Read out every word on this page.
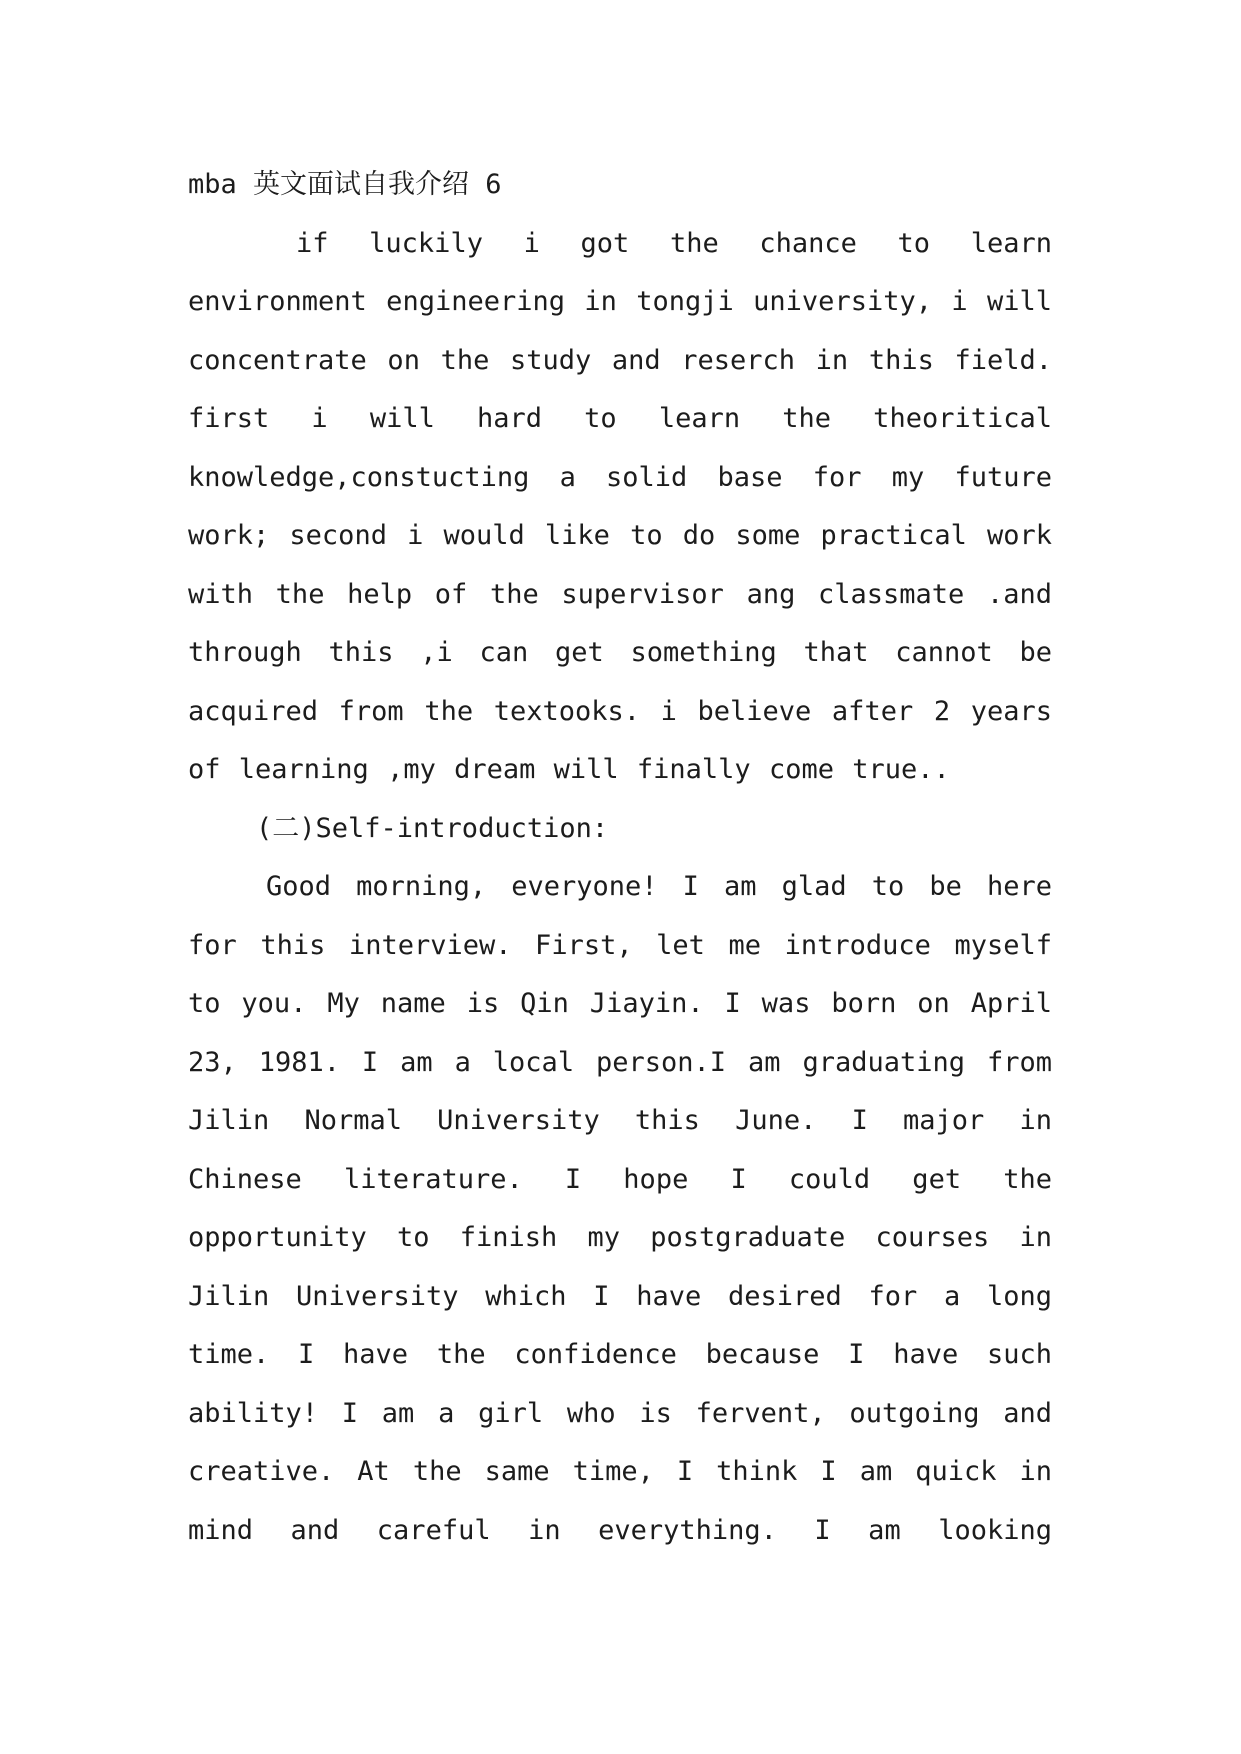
mba 英文面试自我介绍 6

if luckily i got the chance to learn environment engineering in tongji university, i will concentrate on the study and reserch in this field. first i will hard to learn the theoritical knowledge,constucting a solid base for my future work; second i would like to do some practical work with the help of the supervisor ang classmate .and through this ,i can get something that cannot be acquired from the textooks. i believe after 2 years of learning ,my dream will finally come true..

(二)Self-introduction:

Good morning, everyone! I am glad to be here for this interview. First, let me introduce myself to you. My name is Qin Jiayin. I was born on April 23, 1981. I am a local person.I am graduating from Jilin Normal University this June. I major in Chinese literature. I hope I could get the opportunity to finish my postgraduate courses in Jilin University which I have desired for a long time. I have the confidence because I have such ability! I am a girl who is fervent, outgoing and creative. At the same time, I think I am quick in mind and careful in everything. I am looking
